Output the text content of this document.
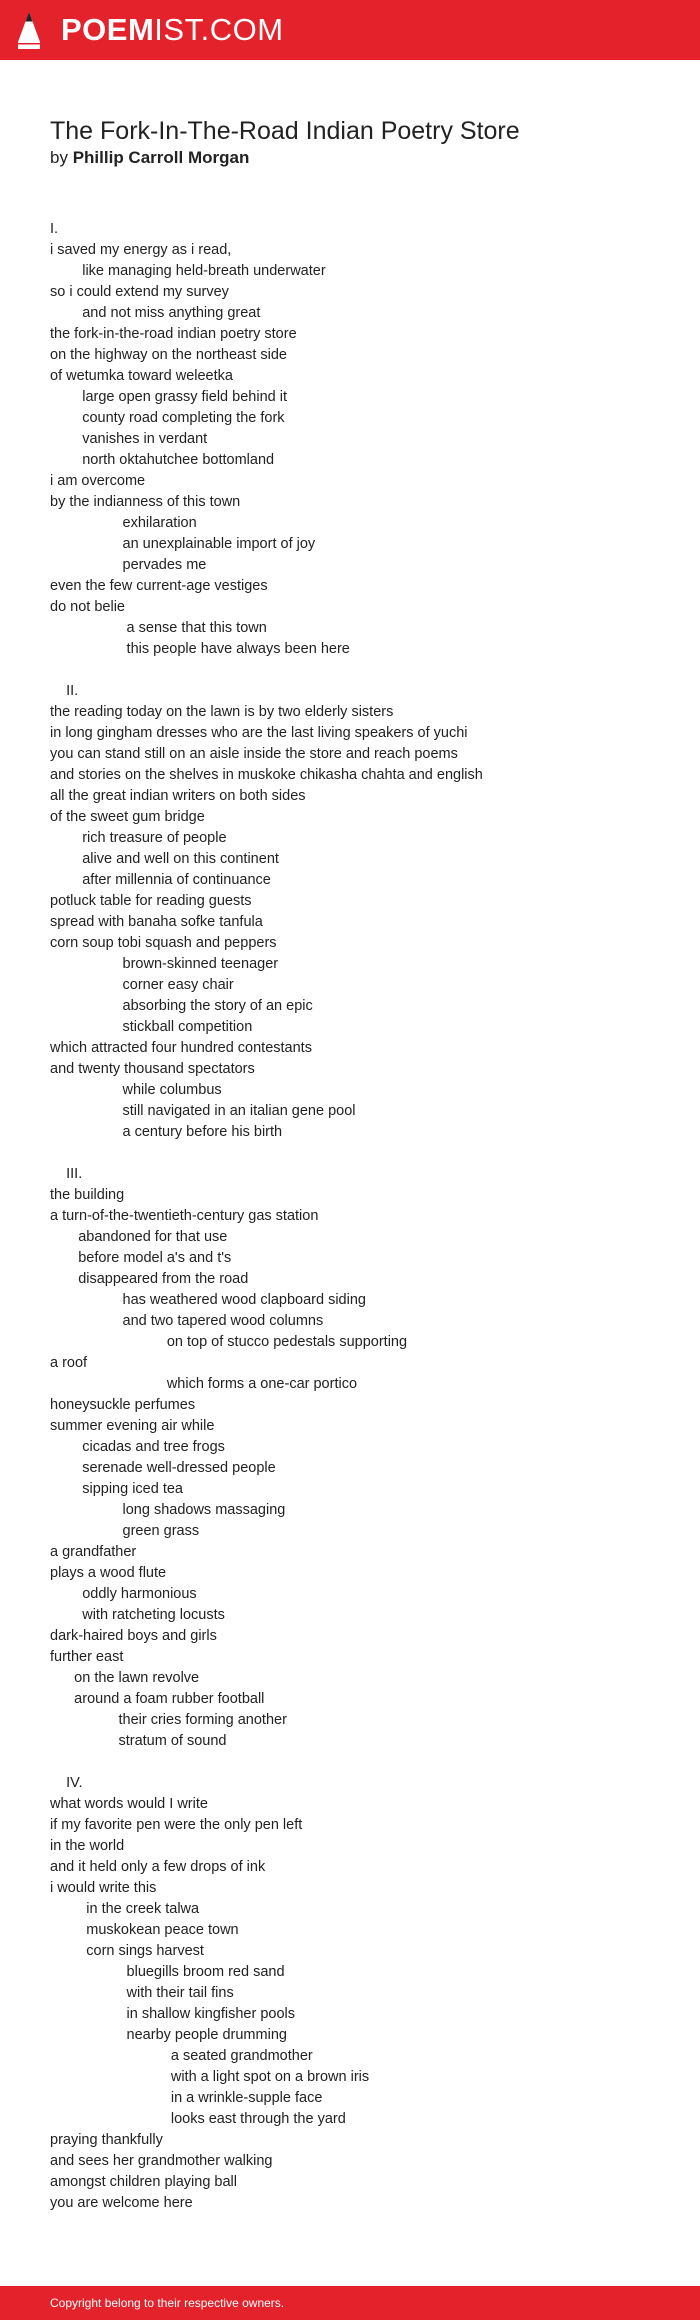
POEMIST.COM
The Fork-In-The-Road Indian Poetry Store
by Phillip Carroll Morgan
I.
i saved my energy as i read,
like managing held-breath underwater
so i could extend my survey
and not miss anything great
the fork-in-the-road indian poetry store
on the highway on the northeast side
of wetumka toward weleetka
large open grassy field behind it
county road completing the fork
vanishes in verdant
north oktahutchee bottomland
i am overcome
by the indianness of this town
exhilaration
an unexplainable import of joy
pervades me
even the few current-age vestiges
do not belie
a sense that this town
this people have always been here
II.
the reading today on the lawn is by two elderly sisters
in long gingham dresses who are the last living speakers of yuchi
you can stand still on an aisle inside the store and reach poems
and stories on the shelves in muskoke chikasha chahta and english
all the great indian writers on both sides
of the sweet gum bridge
rich treasure of people
alive and well on this continent
after millennia of continuance
potluck table for reading guests
spread with banaha sofke tanfula
corn soup tobi squash and peppers
brown-skinned teenager
corner easy chair
absorbing the story of an epic
stickball competition
which attracted four hundred contestants
and twenty thousand spectators
while columbus
still navigated in an italian gene pool
a century before his birth
III.
the building
a turn-of-the-twentieth-century gas station
abandoned for that use
before model a's and t's
disappeared from the road
has weathered wood clapboard siding
and two tapered wood columns
on top of stucco pedestals supporting
a roof
which forms a one-car portico
honeysuckle perfumes
summer evening air while
cicadas and tree frogs
serenade well-dressed people
sipping iced tea
long shadows massaging
green grass
a grandfather
plays a wood flute
oddly harmonious
with ratcheting locusts
dark-haired boys and girls
further east
on the lawn revolve
around a foam rubber football
their cries forming another
stratum of sound
IV.
what words would I write
if my favorite pen were the only pen left
in the world
and it held only a few drops of ink
i would write this
in the creek talwa
muskokean peace town
corn sings harvest
bluegills broom red sand
with their tail fins
in shallow kingfisher pools
nearby people drumming
a seated grandmother
with a light spot on a brown iris
in a wrinkle-supple face
looks east through the yard
praying thankfully
and sees her grandmother walking
amongst children playing ball
you are welcome here
Copyright belong to their respective owners.
